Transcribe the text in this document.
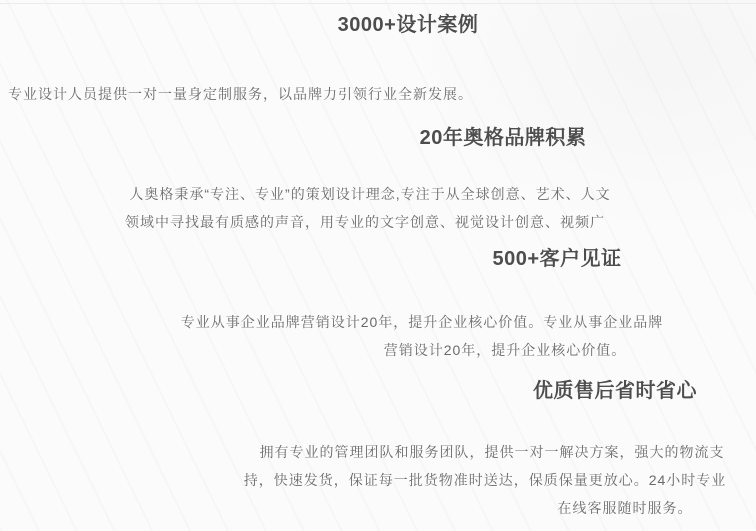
3000+设计案例

专业设计人员提供一对一量身定制服务，以品牌力引领行业全新发展。

20年奥格品牌积累

人奥格秉承“专注、专业”的策划设计理念,专注于从全球创意、艺术、人文

领域中寻找最有质感的声音，用专业的文字创意、视觉设计创意、视频广

500+客户见证

专业从事企业品牌营销设计20年，提升企业核心价值。专业从事企业品牌

营销设计20年，提升企业核心价值。

优质售后省时省心

拥有专业的管理团队和服务团队，提供一对一解决方案，强大的物流支

持，快速发货，保证每一批货物准时送达，保质保量更放心。24小时专业

在线客服随时服务。
